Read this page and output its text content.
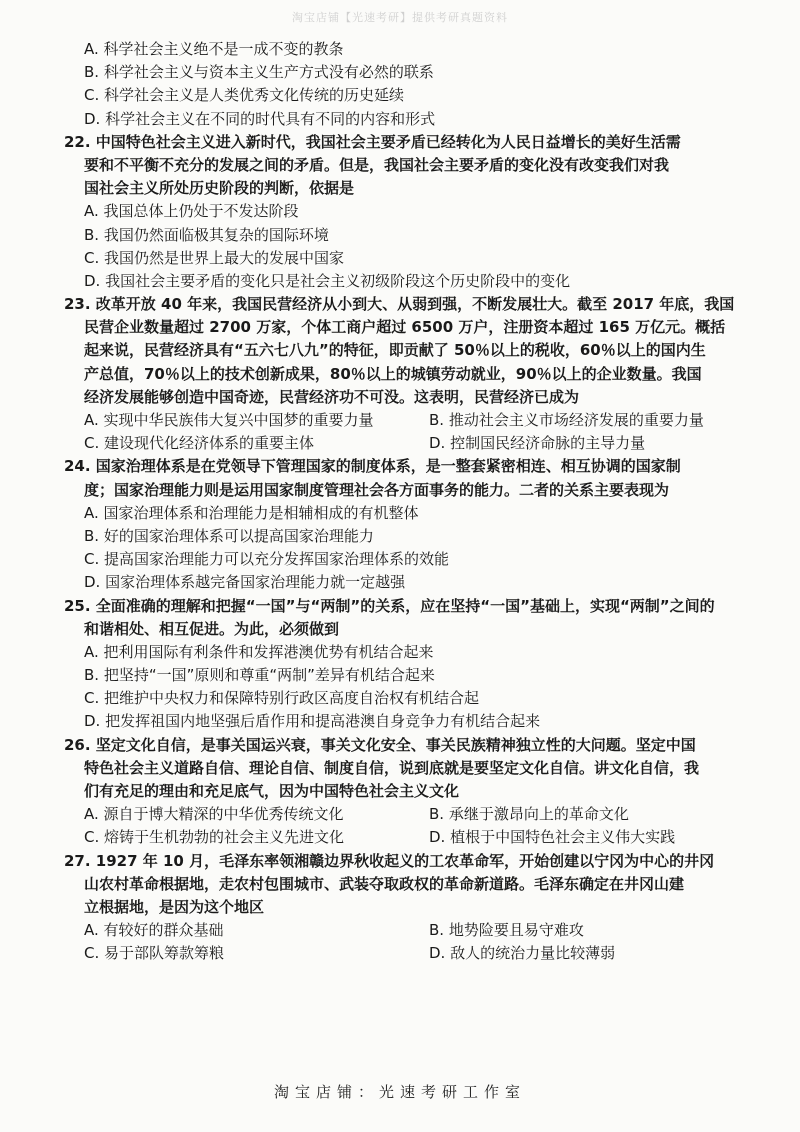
淘宝店铺【光速考研】提供考研真题资料
A. 科学社会主义绝不是一成不变的教条
B. 科学社会主义与资本主义生产方式没有必然的联系
C. 科学社会主义是人类优秀文化传统的历史延续
D. 科学社会主义在不同的时代具有不同的内容和形式
22. 中国特色社会主义进入新时代，我国社会主要矛盾已经转化为人民日益增长的美好生活需
要和不平衡不充分的发展之间的矛盾。但是，我国社会主要矛盾的变化没有改变我们对我
国社会主义所处历史阶段的判断，依据是
A. 我国总体上仍处于不发达阶段
B. 我国仍然面临极其复杂的国际环境
C. 我国仍然是世界上最大的发展中国家
D. 我国社会主要矛盾的变化只是社会主义初级阶段这个历史阶段中的变化
23. 改革开放 40 年来，我国民营经济从小到大、从弱到强，不断发展壮大。截至 2017 年底，我国
民营企业数量超过 2700 万家，个体工商户超过 6500 万户，注册资本超过 165 万亿元。概括
起来说，民营经济具有“五六七八九”的特征，即贡献了 50％以上的税收，60％以上的国内生
产总值，70％以上的技术创新成果，80％以上的城镇劳动就业，90％以上的企业数量。我国
经济发展能够创造中国奇迹，民营经济功不可没。这表明，民营经济已成为
A. 实现中华民族伟大复兴中国梦的重要力量	B. 推动社会主义市场经济发展的重要力量
C. 建设现代化经济体系的重要主体	D. 控制国民经济命脉的主导力量
24. 国家治理体系是在党领导下管理国家的制度体系，是一整套紧密相连、相互协调的国家制
度；国家治理能力则是运用国家制度管理社会各方面事务的能力。二者的关系主要表现为
A. 国家治理体系和治理能力是相辅相成的有机整体
B. 好的国家治理体系可以提高国家治理能力
C. 提高国家治理能力可以充分发挥国家治理体系的效能
D. 国家治理体系越完备国家治理能力就一定越强
25. 全面准确的理解和把握“一国”与“两制”的关系，应在坚持“一国”基础上，实现“两制”之间的
和谐相处、相互促进。为此，必须做到
A. 把利用国际有利条件和发挥港澳优势有机结合起来
B. 把坚持“一国”原则和尊重“两制”差异有机结合起来
C. 把维护中央权力和保障特别行政区高度自治权有机结合起
D. 把发挥祖国内地坚强后盾作用和提高港澳自身竞争力有机结合起来
26. 坚定文化自信，是事关国运兴衰，事关文化安全、事关民族精神独立性的大问题。坚定中国
特色社会主义道路自信、理论自信、制度自信，说到底就是要坚定文化自信。讲文化自信，我
们有充足的理由和充足底气，因为中国特色社会主义文化
A. 源自于博大精深的中华优秀传统文化	B. 承继于激昂向上的革命文化
C. 熔铸于生机勃勃的社会主义先进文化	D. 植根于中国特色社会主义伟大实践
27. 1927 年 10 月，毛泽东率领湘赣边界秋收起义的工农革命军，开始创建以宁冈为中心的井冈
山农村革命根据地，走农村包围城市、武装夺取政权的革命新道路。毛泽东确定在井冈山建
立根据地，是因为这个地区
A. 有较好的群众基础	B. 地势险要且易守难攻
C. 易于部队筹款筹粮	D. 敌人的统治力量比较薄弱
淘宝店铺：光速考研工作室
